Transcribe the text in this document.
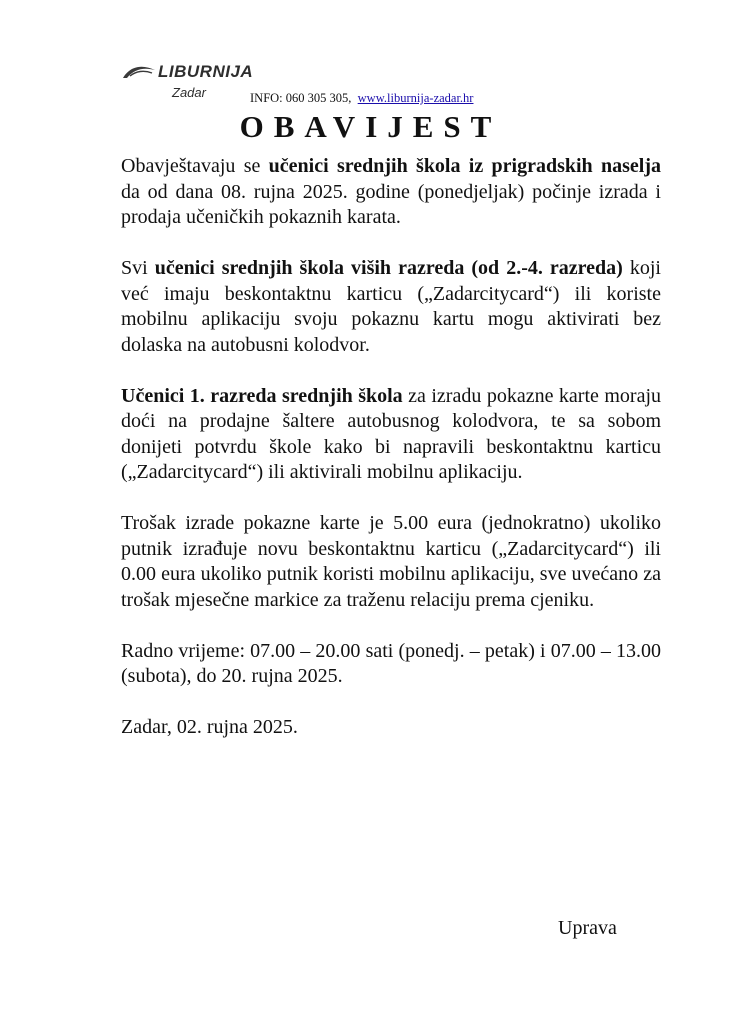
LIBURNIJA
Zadar	INFO: 060 305 305, www.liburnija-zadar.hr
OBAVIJEST

Obavještavaju se učenici srednjih škola iz prigradskih naselja da od dana 08. rujna 2025. godine (ponedjeljak) počinje izrada i prodaja učeničkih pokaznih karata.

Svi učenici srednjih škola viših razreda (od 2.-4. razreda) koji već imaju beskontaktnu karticu („Zadarcitycard“) ili koriste mobilnu aplikaciju svoju pokaznu kartu mogu aktivirati bez dolaska na autobusni kolodvor.

Učenici 1. razreda srednjih škola za izradu pokazne karte moraju doći na prodajne šaltere autobusnog kolodvora, te sa sobom donijeti potvrdu škole kako bi napravili beskontaktnu karticu („Zadarcitycard“) ili aktivirali mobilnu aplikaciju.

Trošak izrade pokazne karte je 5.00 eura (jednokratno) ukoliko putnik izrađuje novu beskontaktnu karticu („Zadarcitycard“) ili 0.00 eura ukoliko putnik koristi mobilnu aplikaciju, sve uvećano za trošak mjesečne markice za traženu relaciju prema cjeniku.

Radno vrijeme: 07.00 – 20.00 sati (ponedj. – petak) i 07.00 – 13.00 (subota), do 20. rujna 2025.

Zadar, 02. rujna 2025.

Uprava
